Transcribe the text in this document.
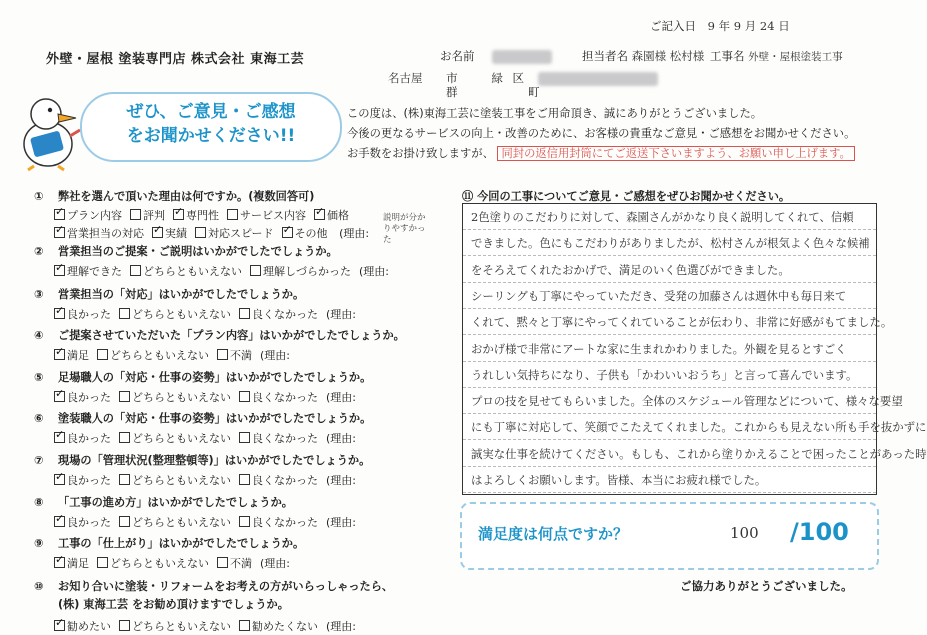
ご記入日 9 年 9 月 24 日
外壁・屋根 塗装専門店 株式会社 東海工芸	お名前	担当者名 森園様 松村様 工事名 外壁・屋根塗装工事
名古屋 市	緑 区
群	町
ぜひ、ご意見・ご感想
をお聞かせください!!
この度は、(株)東海工芸に塗装工事をご用命頂き、誠にありがとうございました。
今後の更なるサービスの向上・改善のために、お客様の貴重なご意見・ご感想をお聞かせください。
お手数をお掛け致しますが、 同封の返信用封筒にてご返送下さいますよう、お願い申し上げます。
① 弊社を選んで頂いた理由は何ですか。(複数回答可)
✓プラン内容 評判 ✓ 専門性 サービス内容 ✓ 価格
✓営業担当の対応 ✓ 実績 対応スピード ✓ その他 (理由:
説明が分かりやすかった
② 営業担当のご提案・ご説明はいかがでしたでしょうか。
✓理解できた どちらともいえない 理解しづらかった (理由:
③ 営業担当の「対応」はいかがでしたでしょうか。
✓良かった どちらともいえない 良くなかった (理由:
④ ご提案させていただいた「プラン内容」はいかがでしたでしょうか。
✓満足 どちらともいえない 不満 (理由:
⑤ 足場職人の「対応・仕事の姿勢」はいかがでしたでしょうか。
✓良かった どちらともいえない 良くなかった (理由:
⑥ 塗装職人の「対応・仕事の姿勢」はいかがでしたでしょうか。
✓良かった どちらともいえない 良くなかった (理由:
⑦ 現場の「管理状況(整理整頓等)」はいかがでしたでしょうか。
✓良かった どちらともいえない 良くなかった (理由:
⑧ 「工事の進め方」はいかがでしたでしょうか。
✓良かった どちらともいえない 良くなかった (理由:
⑨ 工事の「仕上がり」はいかがでしたでしょうか。
✓満足 どちらともいえない 不満 (理由:
⑩ お知り合いに塗装・リフォームをお考えの方がいらっしゃったら、
(株) 東海工芸 をお勧め頂けますでしょうか。
✓勧めたい どちらともいえない 勧めたくない (理由:
⑪ 今回の工事についてご意見・ご感想をぜひお聞かせください。
2色塗りのこだわりに対して、森園さんがかなり良く説明してくれて、信頼
できました。色にもこだわりがありましたが、松村さんが根気よく色々な候補
をそろえてくれたおかげで、満足のいく色選びができました。
シーリングも丁寧にやっていただき、受発の加藤さんは週休中も毎日来て
くれて、黙々と丁寧にやってくれていることが伝わり、非常に好感がもてました。
おかげ様で非常にアートな家に生まれかわりました。外観を見るとすごく
うれしい気持ちになり、子供も「かわいいおうち」と言って喜んでいます。
プロの技を見せてもらいました。全体のスケジュール管理などについて、様々な要望
にも丁寧に対応して、笑顔でこたえてくれました。これからも見えない所も手を抜かずに
誠実な仕事を続けてください。もしも、これから塗りかえることで困ったことがあった時
はよろしくお願いします。皆様、本当にお疲れ様でした。
満足度は何点ですか？	100 /100
ご協力ありがとうございました。
